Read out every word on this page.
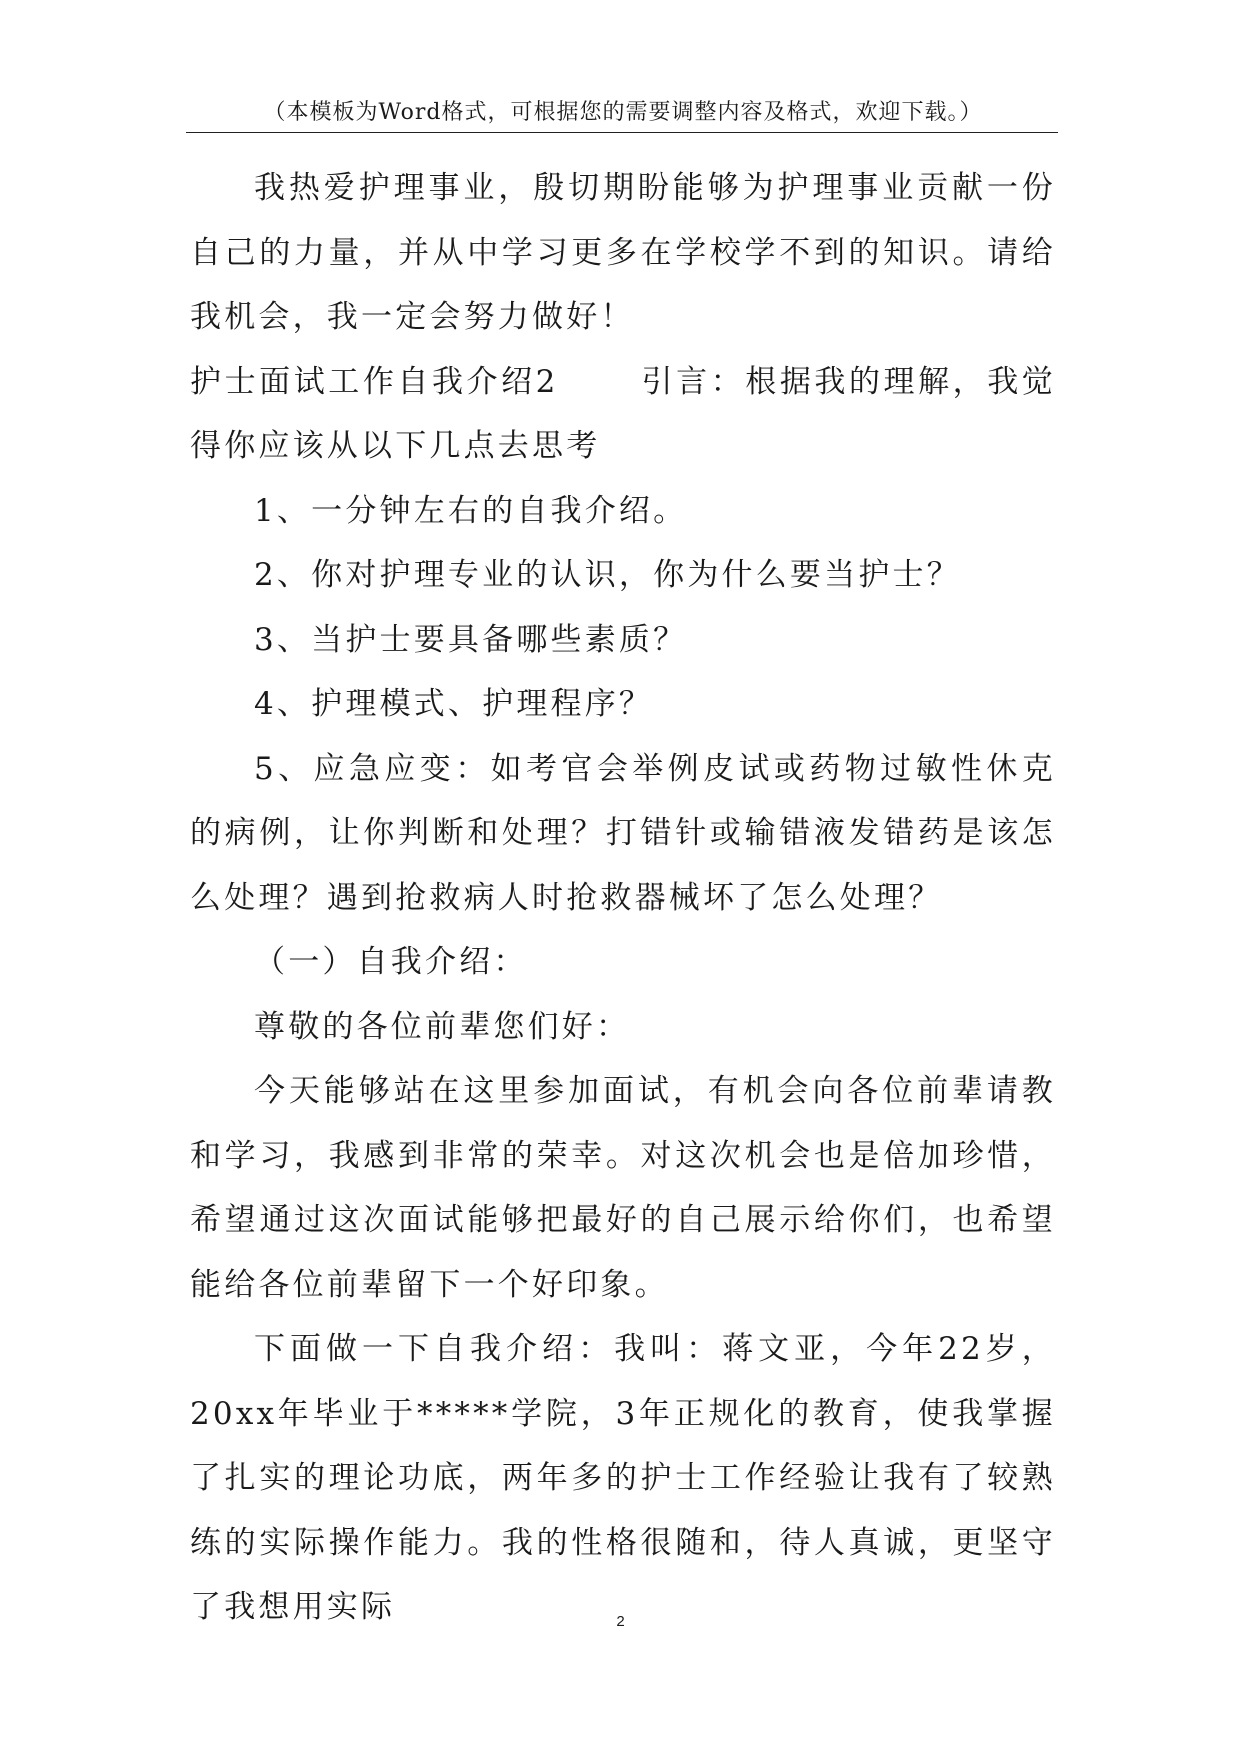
（本模板为Word格式，可根据您的需要调整内容及格式，欢迎下载。）

我热爱护理事业，殷切期盼能够为护理事业贡献一份自己的力量，并从中学习更多在学校学不到的知识。请给我机会，我一定会努力做好！

护士面试工作自我介绍2　　 引言：根据我的理解，我觉得你应该从以下几点去思考

1、一分钟左右的自我介绍。

2、你对护理专业的认识，你为什么要当护士？

3、当护士要具备哪些素质？

4、护理模式、护理程序？

5、应急应变：如考官会举例皮试或药物过敏性休克的病例，让你判断和处理？打错针或输错液发错药是该怎么处理？遇到抢救病人时抢救器械坏了怎么处理？

（一）自我介绍：

尊敬的各位前辈您们好：

今天能够站在这里参加面试，有机会向各位前辈请教和学习，我感到非常的荣幸。对这次机会也是倍加珍惜，希望通过这次面试能够把最好的自己展示给你们，也希望能给各位前辈留下一个好印象。

下面做一下自我介绍：我叫：蒋文亚，今年22岁，20xx年毕业于*****学院，3年正规化的教育，使我掌握了扎实的理论功底，两年多的护士工作经验让我有了较熟练的实际操作能力。我的性格很随和，待人真诚，更坚守了我想用实际	2
